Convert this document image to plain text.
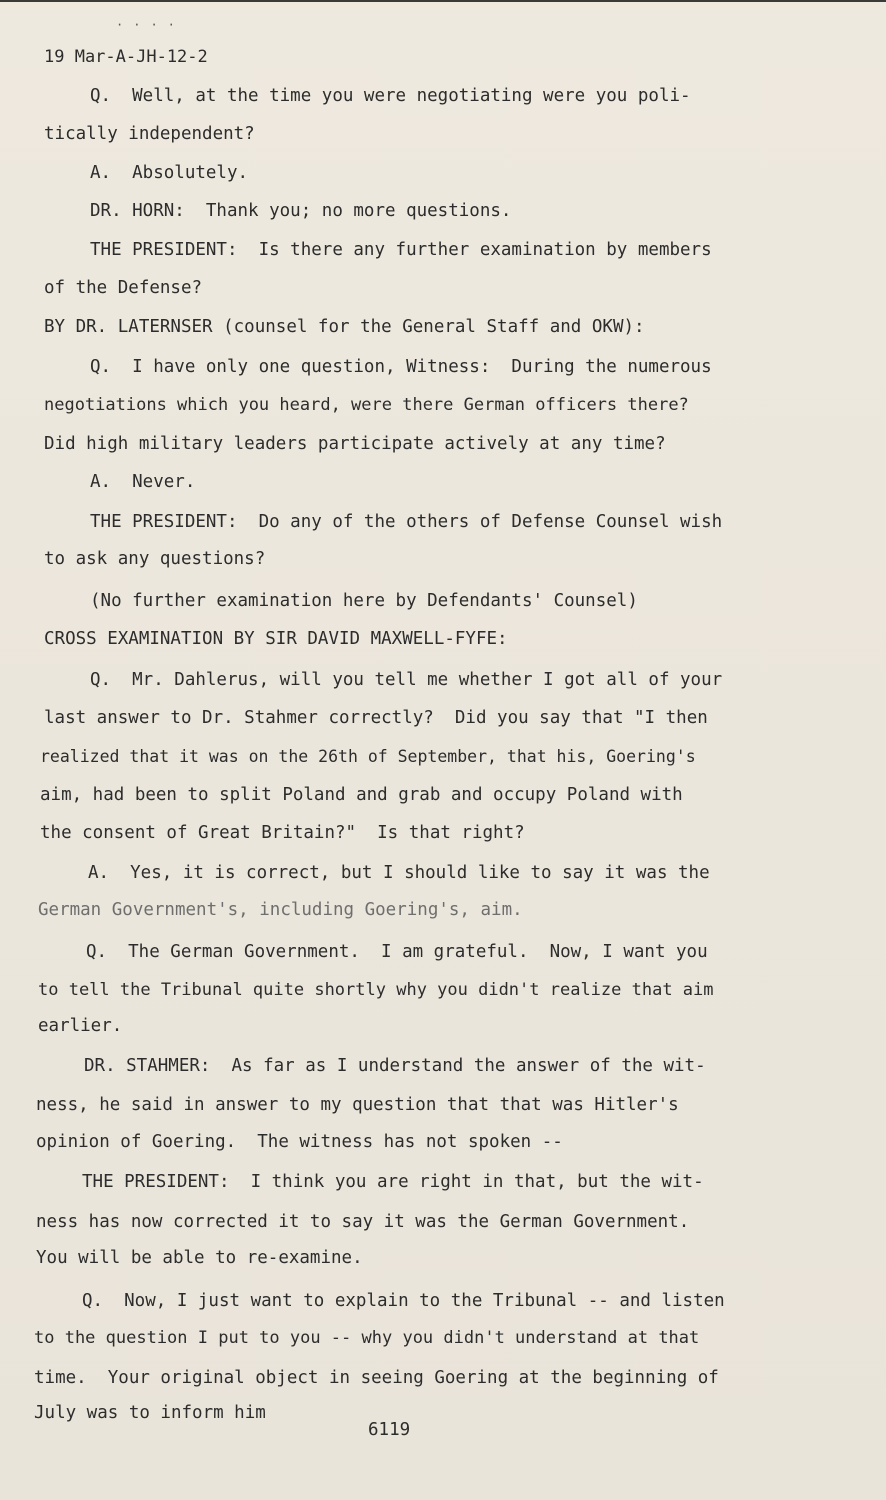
····
19 Mar-A-JH-12-2
Q.  Well, at the time you were negotiating were you poli-
tically independent?
A.  Absolutely.
DR. HORN:  Thank you; no more questions.
THE PRESIDENT:  Is there any further examination by members
of the Defense?
BY DR. LATERNSER (counsel for the General Staff and OKW):
Q.  I have only one question, Witness:  During the numerous
negotiations which you heard, were there German officers there?
Did high military leaders participate actively at any time?
A.  Never.
THE PRESIDENT:  Do any of the others of Defense Counsel wish
to ask any questions?
(No further examination here by Defendants' Counsel)
CROSS EXAMINATION BY SIR DAVID MAXWELL-FYFE:
Q.  Mr. Dahlerus, will you tell me whether I got all of your
last answer to Dr. Stahmer correctly?  Did you say that "I then
realized that it was on the 26th of September, that his, Goering's
aim, had been to split Poland and grab and occupy Poland with
the consent of Great Britain?"  Is that right?
A.  Yes, it is correct, but I should like to say it was the
German Government's, including Goering's, aim.
Q.  The German Government.  I am grateful.  Now, I want you
to tell the Tribunal quite shortly why you didn't realize that aim
earlier.
DR. STAHMER:  As far as I understand the answer of the wit-
ness, he said in answer to my question that that was Hitler's
opinion of Goering.  The witness has not spoken --
THE PRESIDENT:  I think you are right in that, but the wit-
ness has now corrected it to say it was the German Government.
You will be able to re-examine.
Q.  Now, I just want to explain to the Tribunal -- and listen
to the question I put to you -- why you didn't understand at that
time.  Your original object in seeing Goering at the beginning of
July was to inform him
6119
